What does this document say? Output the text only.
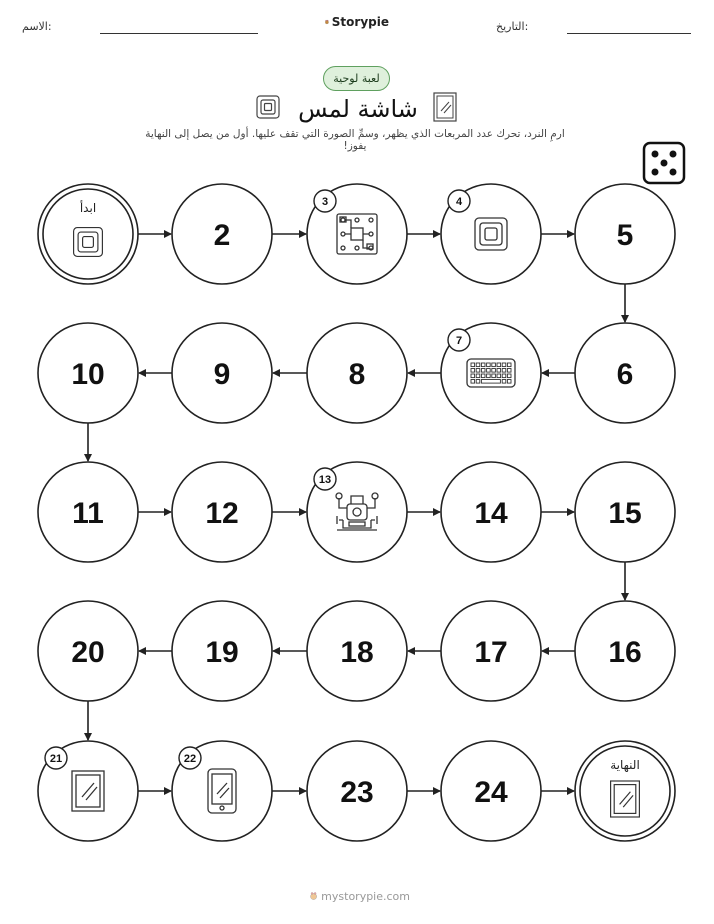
الاسم:	التاريخ:
Storypie
لعبة لوحية
شاشة لمس
ارمِ النرد، تحرك عدد المربعات الذي يظهر، وسمِّ الصورة التي تقف عليها. أول من يصل إلى النهاية يفوز!
ابدأ
2
3	4
5
6
7
8
9
10
11	12
13
14	15
16
17
18
19
20
21	22
23	24
النهاية
mystorypie.com
